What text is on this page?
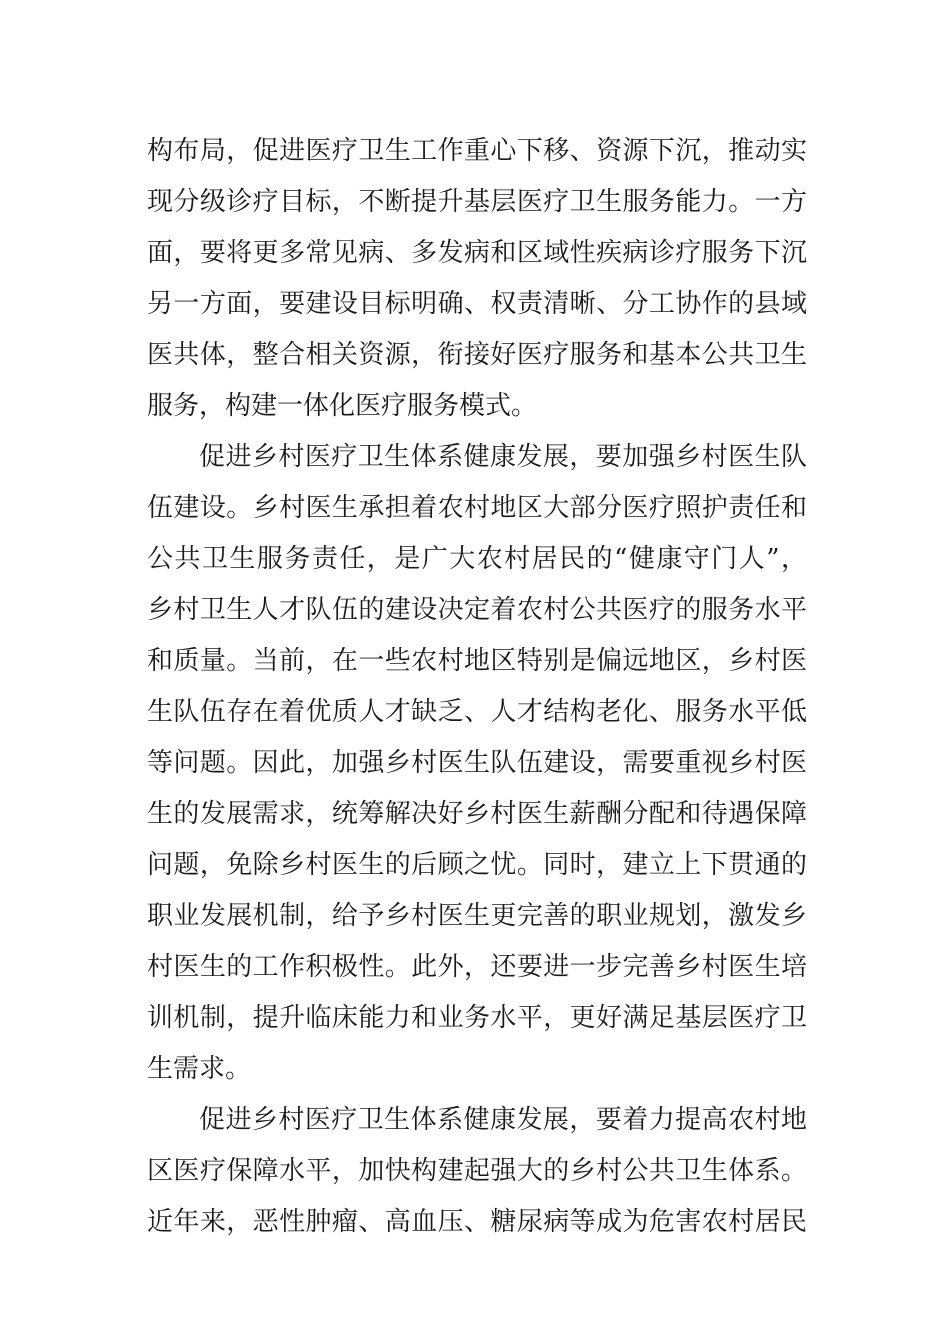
构布局，促进医疗卫生工作重心下移、资源下沉，推动实
现分级诊疗目标，不断提升基层医疗卫生服务能力。一方
面，要将更多常见病、多发病和区域性疾病诊疗服务下沉
另一方面，要建设目标明确、权责清晰、分工协作的县域
医共体，整合相关资源，衔接好医疗服务和基本公共卫生
服务，构建一体化医疗服务模式。
促进乡村医疗卫生体系健康发展，要加强乡村医生队
伍建设。乡村医生承担着农村地区大部分医疗照护责任和
公共卫生服务责任，是广大农村居民的“健康守门人”，
乡村卫生人才队伍的建设决定着农村公共医疗的服务水平
和质量。当前，在一些农村地区特别是偏远地区，乡村医
生队伍存在着优质人才缺乏、人才结构老化、服务水平低
等问题。因此，加强乡村医生队伍建设，需要重视乡村医
生的发展需求，统筹解决好乡村医生薪酬分配和待遇保障
问题，免除乡村医生的后顾之忧。同时，建立上下贯通的
职业发展机制，给予乡村医生更完善的职业规划，激发乡
村医生的工作积极性。此外，还要进一步完善乡村医生培
训机制，提升临床能力和业务水平，更好满足基层医疗卫
生需求。
促进乡村医疗卫生体系健康发展，要着力提高农村地
区医疗保障水平，加快构建起强大的乡村公共卫生体系。
近年来，恶性肿瘤、高血压、糖尿病等成为危害农村居民
